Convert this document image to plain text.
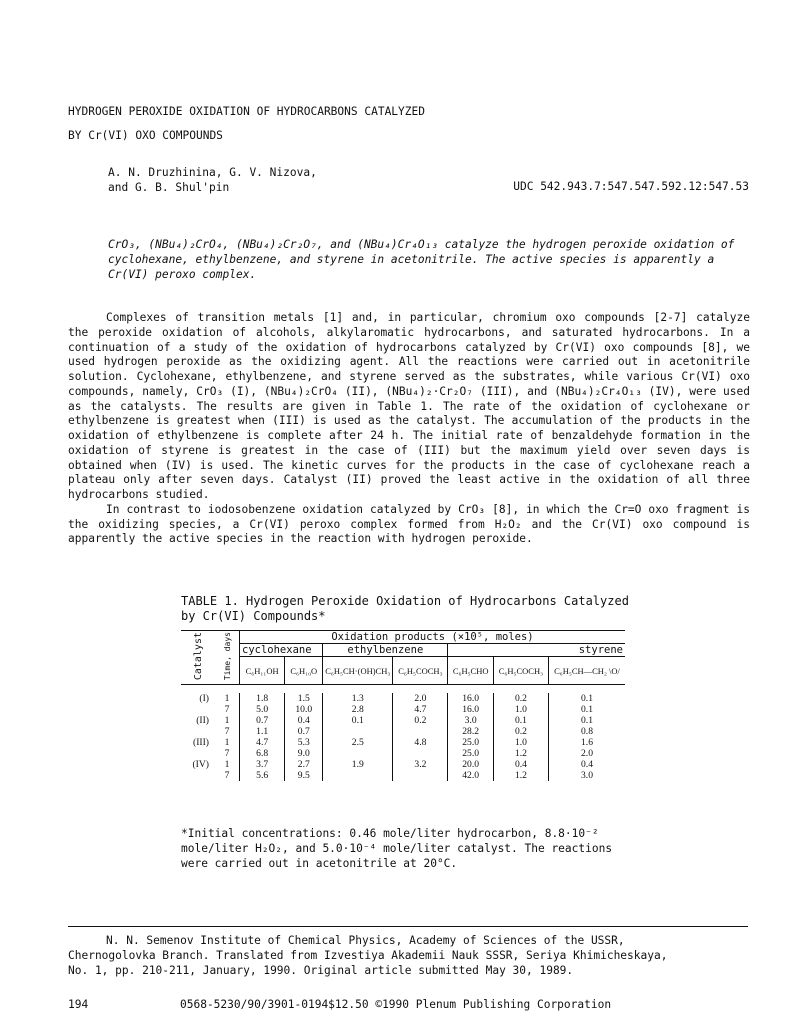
HYDROGEN PEROXIDE OXIDATION OF HYDROCARBONS CATALYZED
BY Cr(VI) OXO COMPOUNDS
A. N. Druzhinina, G. V. Nizova,
and G. B. Shul'pin	UDC 542.943.7:547.547.592.12:547.53
CrO₃, (NBu₄)₂CrO₄, (NBu₄)₂Cr₂O₇, and (NBu₄)Cr₄O₁₃ catalyze the hydrogen peroxide oxidation of cyclohexane, ethylbenzene, and styrene in acetonitrile. The active species is apparently a Cr(VI) peroxo complex.

Complexes of transition metals [1] and, in particular, chromium oxo compounds [2-7] catalyze the peroxide oxidation of alcohols, alkylaromatic hydrocarbons, and saturated hydrocarbons. In a continuation of a study of the oxidation of hydrocarbons catalyzed by Cr(VI) oxo compounds [8], we used hydrogen peroxide as the oxidizing agent. All the reactions were carried out in acetonitrile solution. Cyclohexane, ethylbenzene, and styrene served as the substrates, while various Cr(VI) oxo compounds, namely, CrO₃ (I), (NBu₄)₂CrO₄ (II), (NBu₄)₂·Cr₂O₇ (III), and (NBu₄)₂Cr₄O₁₃ (IV), were used as the catalysts. The results are given in Table 1. The rate of the oxidation of cyclohexane or ethylbenzene is greatest when (III) is used as the catalyst. The accumulation of the products in the oxidation of ethylbenzene is complete after 24 h. The initial rate of benzaldehyde formation in the oxidation of styrene is greatest in the case of (III) but the maximum yield over seven days is obtained when (IV) is used. The kinetic curves for the products in the case of cyclohexane reach a plateau only after seven days. Catalyst (II) proved the least active in the oxidation of all three hydrocarbons studied.

In contrast to iodosobenzene oxidation catalyzed by CrO₃ [8], in which the Cr=O oxo fragment is the oxidizing species, a Cr(VI) peroxo complex formed from H₂O₂ and the Cr(VI) oxo compound is apparently the active species in the reaction with hydrogen peroxide.

TABLE 1. Hydrogen Peroxide Oxidation of Hydrocarbons Catalyzed by Cr(VI) Compounds*
Catalyst	Time, days	Oxidation products (×10⁵, moles)						
		cyclohexane		ethylbenzene		styrene		
		C₆H₁₁OH	C₆H₁₀O	C₆H₅CH·(OH)CH₃	C₆H₅COCH₃	C₆H₅CHO	C₆H₅COCH₃	C₆H₅CH—CH₂ \O/

(I)	1	1.8	1.5	1.3	2.0	16.0	0.2	0.1
	7	5.0	10.0	2.8	4.7	16.0	1.0	0.1
(II)	1	0.7	0.4	0.1	0.2	3.0	0.1	0.1
	7	1.1	0.7			28.2	0.2	0.8
(III)	1	4.7	5.3	2.5	4.8	25.0	1.0	1.6
	7	6.8	9.0			25.0	1.2	2.0
(IV)	1	3.7	2.7	1.9	3.2	20.0	0.4	0.4
	7	5.6	9.5			42.0	1.2	3.0
*Initial concentrations: 0.46 mole/liter hydrocarbon, 8.8·10⁻² mole/liter H₂O₂, and 5.0·10⁻⁴ mole/liter catalyst. The reactions were carried out in acetonitrile at 20°C.
N. N. Semenov Institute of Chemical Physics, Academy of Sciences of the USSR,
Chernogolovka Branch. Translated from Izvestiya Akademii Nauk SSSR, Seriya Khimicheskaya,
No. 1, pp. 210-211, January, 1990. Original article submitted May 30, 1989.
194	0568-5230/90/3901-0194$12.50 ©1990 Plenum Publishing Corporation
